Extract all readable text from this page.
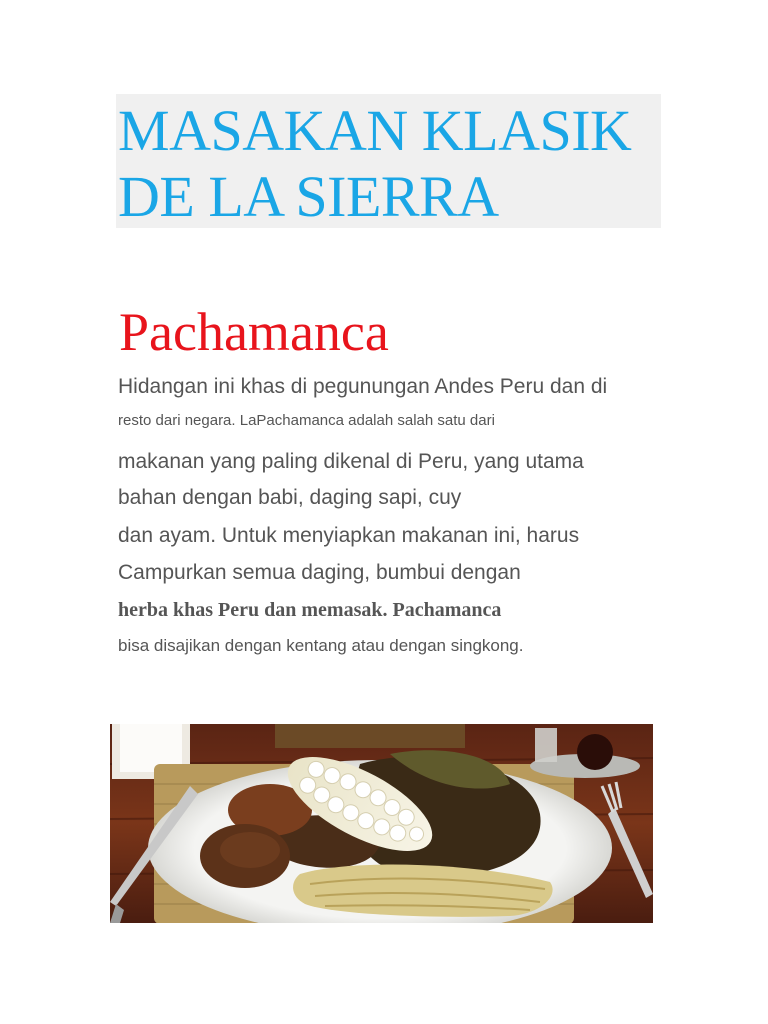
MASAKAN KLASIK
DE LA SIERRA
Pachamanca
Hidangan ini khas di pegunungan Andes Peru dan di
resto dari negara. LaPachamanca adalah salah satu dari
makanan yang paling dikenal di Peru, yang utama
bahan dengan babi, daging sapi, cuy
dan ayam. Untuk menyiapkan makanan ini, harus
Campurkan semua daging, bumbui dengan
herba khas Peru dan memasak. Pachamanca
bisa disajikan dengan kentang atau dengan singkong.
